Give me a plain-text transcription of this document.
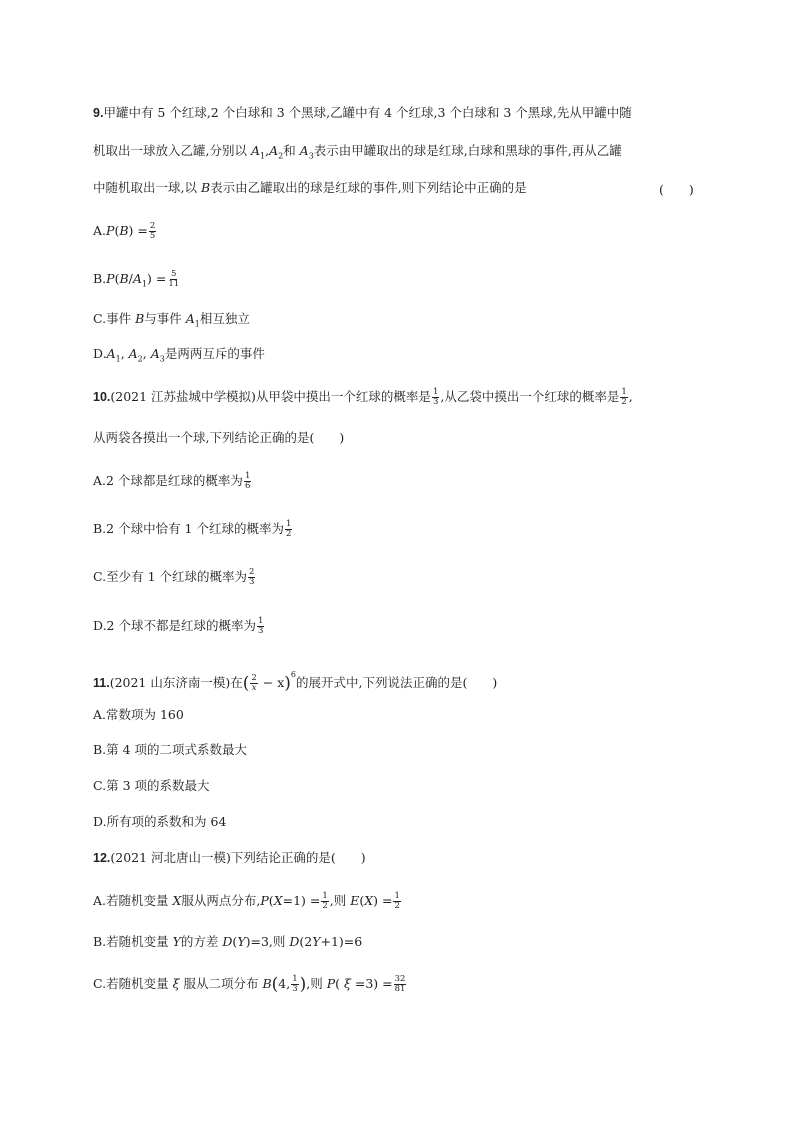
9.甲罐中有 5 个红球,2 个白球和 3 个黑球,乙罐中有 4 个红球,3 个白球和 3 个黑球,先从甲罐中随
机取出一球放入乙罐,分别以 $A_1,A_2$和 $A_3$表示由甲罐取出的球是红球,白球和黑球的事件,再从乙罐
中随机取出一球,以 B表示由乙罐取出的球是红球的事件,则下列结论中正确的是	(　　)
$A.P(B) = \frac{2}{5}$
$B.P(B/A_1) = \frac{5}{11}$
C.事件 B与事件 $A_1$相互独立
$D.A_1$, $A_2$, $A_3$是两两互斥的事件
10.(2021 江苏盐城中学模拟)从甲袋中摸出一个红球的概率是 $\frac{1}{3}$ ,从乙袋中摸出一个红球的概率是 $\frac{1}{2}$ ,
从两袋各摸出一个球,下列结论正确的是(　　)
A.2 个球都是红球的概率为 $\frac{1}{6}$
B.2 个球中恰有 1 个红球的概率为 $\frac{1}{2}$
C.至少有 1 个红球的概率为 $\frac{2}{3}$
D.2 个球不都是红球的概率为 $\frac{1}{3}$
11.(2021 山东济南一模)在( $\frac{2}{x} - x)^6$的展开式中,下列说法正确的是(　　)
A.常数项为 160
B.第 4 项的二项式系数最大
C.第 3 项的系数最大
D.所有项的系数和为 64
12.(2021 河北唐山一模)下列结论正确的是(　　)
A.若随机变量 X服从两点分布$,P(X=1) = \frac{1}{2}$ ,则 $E(X) = \frac{1}{2}$
B.若随机变量 Y的方差 D(Y)=3,则 D(2Y+1)=6
C.若随机变量 ξ 服从二项分布 B(4, $\frac{1}{3}$ ),则 P( $\xi =3) = \frac{32}{81}$
